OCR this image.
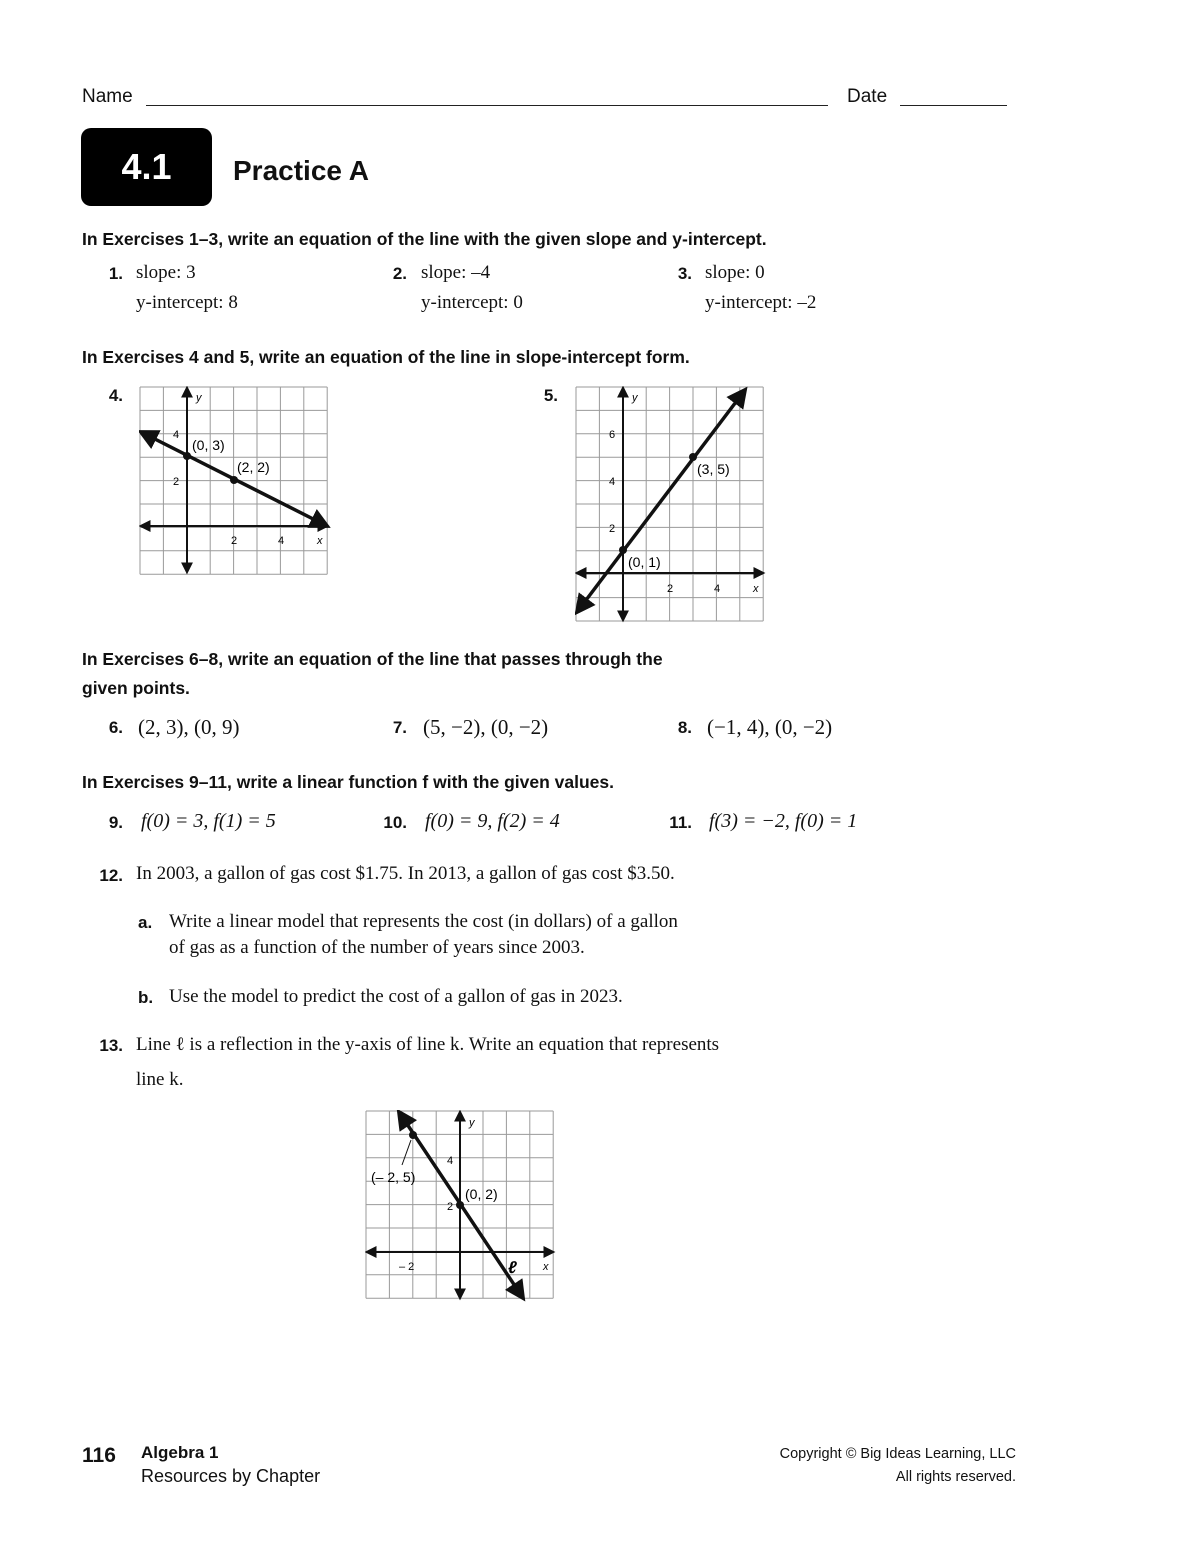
Name	Date
4.1 Practice A
In Exercises 1–3, write an equation of the line with the given slope and y-intercept.
1. slope: 3
y-intercept: 8
2. slope: –4
y-intercept: 0
3. slope: 0
y-intercept: –2
In Exercises 4 and 5, write an equation of the line in slope-intercept form.
4.
(0, 3)
(2, 2)
4
2
2	4	x
y	5.
(3, 5)
(0, 1)
6
4
2
2	4	x
y
In Exercises 6–8, write an equation of the line that passes through the
given points.
6. (2, 3), (0, 9)	7. (5, −2), (0, −2)	8. (−1, 4), (0, −2)
In Exercises 9–11, write a linear function f with the given values.
9. f(0) = 3, f(1) = 5	10. f(0) = 9, f(2) = 4	11. f(3) = −2, f(0) = 1
12. In 2003, a gallon of gas cost $1.75. In 2013, a gallon of gas cost $3.50.
a. Write a linear model that represents the cost (in dollars) of a gallon
of gas as a function of the number of years since 2003.
b. Use the model to predict the cost of a gallon of gas in 2023.
13. Line ℓ is a reflection in the y-axis of line k. Write an equation that represents
line k.
(– 2, 5)
(0, 2)
4
2
– 2	ℓ x
y
116 Algebra 1
Resources by Chapter
Copyright © Big Ideas Learning, LLC
All rights reserved.
